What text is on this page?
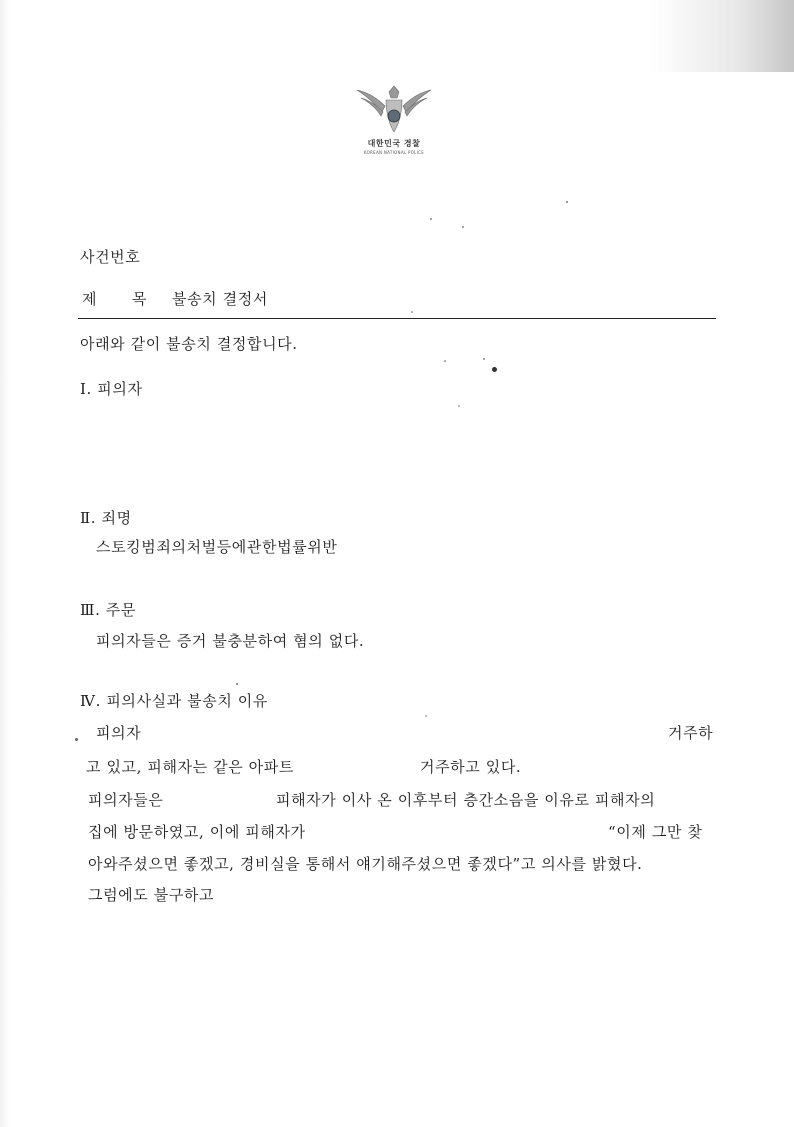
대한민국 경찰
KOREAN NATIONAL POLICE
사건번호
제 목 불송치 결정서
아래와 같이 불송치 결정합니다.
Ⅰ. 피의자
Ⅱ. 죄명
스토킹범죄의처벌등에관한법률위반
Ⅲ. 주문
피의자들은 증거 불충분하여 혐의 없다.
Ⅳ. 피의사실과 불송치 이유
피의자	거주하
고 있고, 피해자는 같은 아파트	거주하고 있다.
피의자들은	피해자가 이사 온 이후부터 층간소음을 이유로 피해자의
집에 방문하였고, 이에 피해자가	“이제 그만 찾
아와주셨으면 좋겠고, 경비실을 통해서 얘기해주셨으면 좋겠다”고 의사를 밝혔다.
그럼에도 불구하고
